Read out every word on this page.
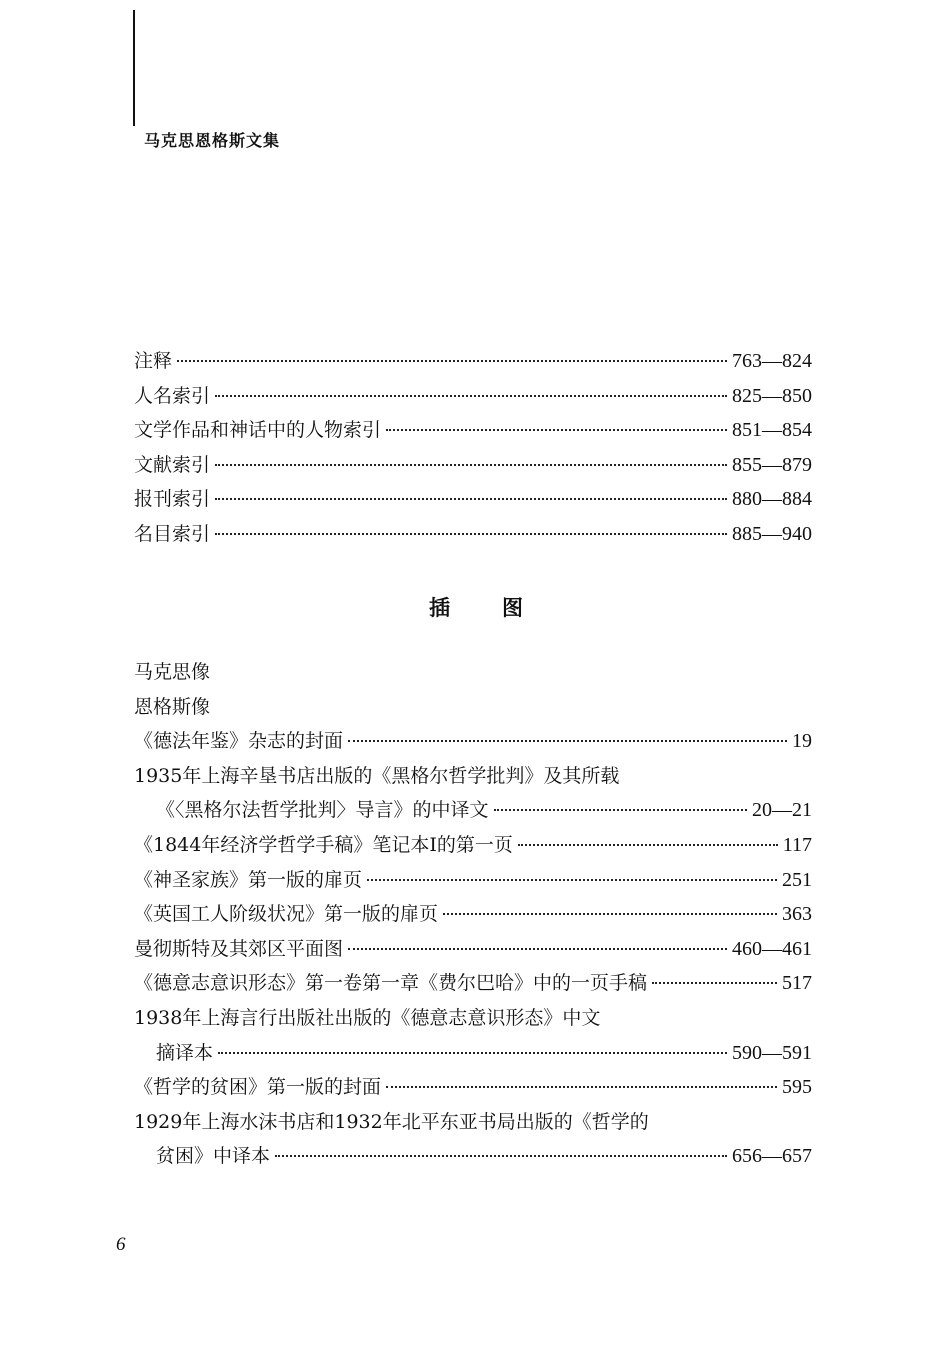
马克思恩格斯文集
注释	763—824
人名索引	825—850
文学作品和神话中的人物索引	851—854
文献索引	855—879
报刊索引	880—884
名目索引	885—940
插图
马克思像
恩格斯像
《德法年鉴》杂志的封面	19
1935年上海辛垦书店出版的《黑格尔哲学批判》及其所载
《〈黑格尔法哲学批判〉导言》的中译文	20—21
《1844年经济学哲学手稿》笔记本Ⅰ的第一页	117
《神圣家族》第一版的扉页	251
《英国工人阶级状况》第一版的扉页	363
曼彻斯特及其郊区平面图	460—461
《德意志意识形态》第一卷第一章《费尔巴哈》中的一页手稿	517
1938年上海言行出版社出版的《德意志意识形态》中文
摘译本	590—591
《哲学的贫困》第一版的封面	595
1929年上海水沫书店和1932年北平东亚书局出版的《哲学的
贫困》中译本	656—657
6
